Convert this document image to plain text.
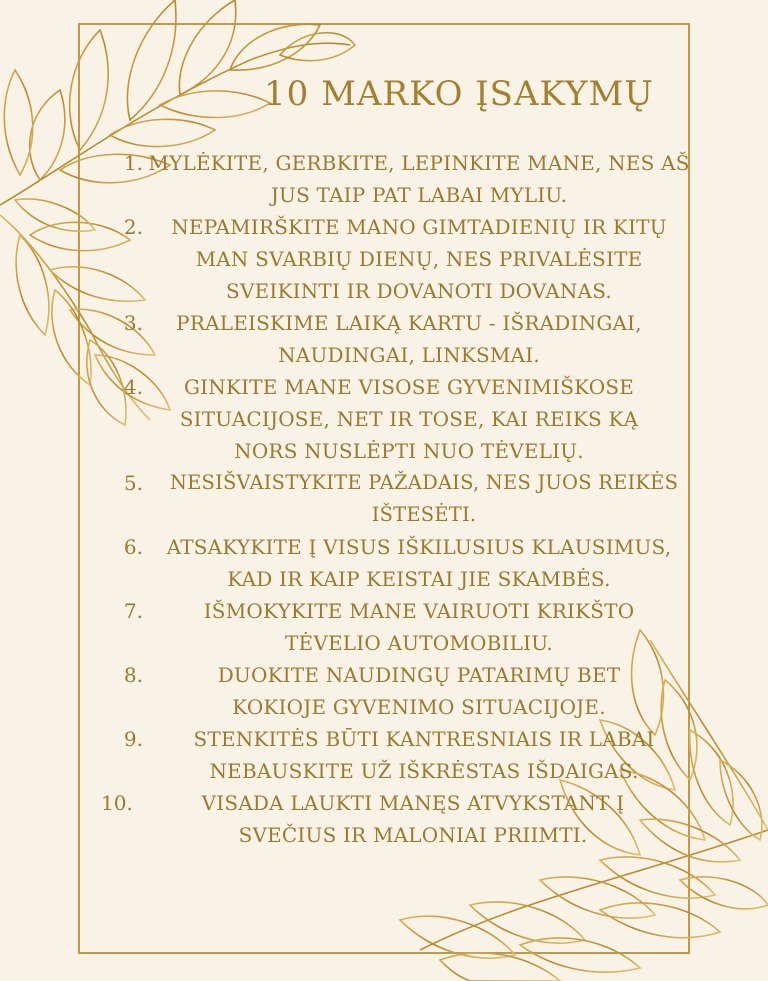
10 MARKO ĮSAKYMŲ
1. MYLĖKITE, GERBKITE, LEPINKITE MANE, NES AŠ JUS TAIP PAT LABAI MYLIU.
2.	NEPAMIRŠKITE MANO GIMTADIENIŲ IR KITŲ MAN SVARBIŲ DIENŲ, NES PRIVALĖSITE SVEIKINTI IR DOVANOTI DOVANAS.
3.	PRALEISKIME LAIKĄ KARTU - IŠRADINGAI, NAUDINGAI, LINKSMAI.
4.	GINKITE MANE VISOSE GYVENIMIŠKOSE SITUACIJOSE, NET IR TOSE, KAI REIKS KĄ NORS NUSLĖPTI NUO TĖVELIŲ.
5.	NESIŠVAISTYKITE PAŽADAIS, NES JUOS REIKĖS IŠTESĖTI.
6.	ATSAKYKITE Į VISUS IŠKILUSIUS KLAUSIMUS, KAD IR KAIP KEISTAI JIE SKAMBĖS.
7.	IŠMOKYKITE MANE VAIRUOTI KRIKŠTO TĖVELIO AUTOMOBILIU.
8.	DUOKITE NAUDINGŲ PATARIMŲ BET KOKIOJE GYVENIMO SITUACIJOJE.
9.	STENKITĖS BŪTI KANTRESNIAIS IR LABAI NEBAUSKITE UŽ IŠKRĖSTAS IŠDAIGAS.
10.	VISADA LAUKTI MANĘS ATVYKSTANT Į SVEČIUS IR MALONIAI PRIIMTI.
